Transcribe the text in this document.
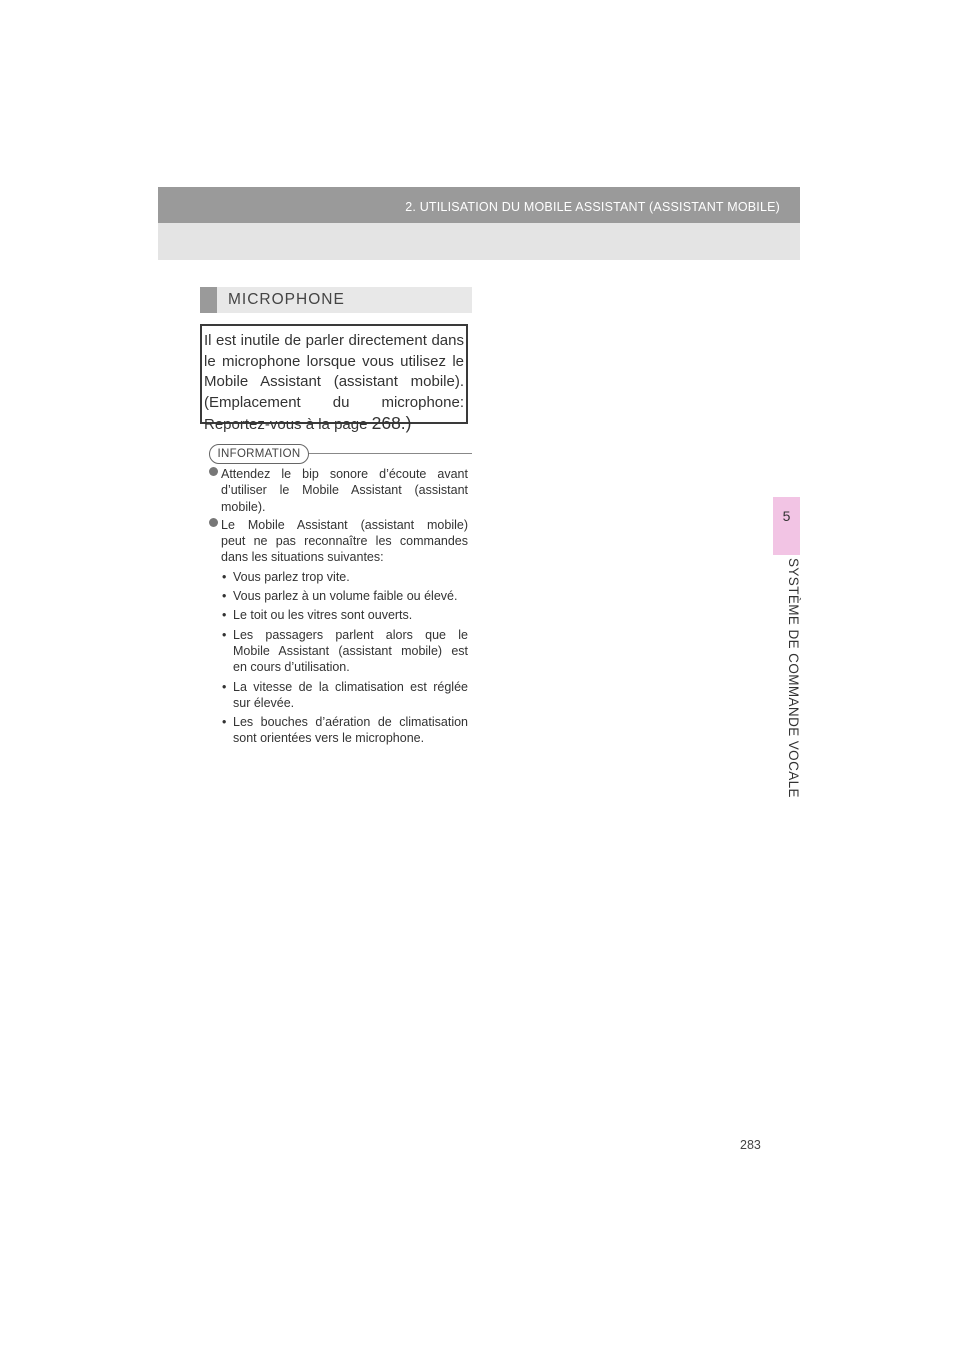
2. UTILISATION DU MOBILE ASSISTANT (ASSISTANT MOBILE)
5
SYSTÈME DE COMMANDE VOCALE
MICROPHONE
Il est inutile de parler directement dans
le microphone lorsque vous utilisez le
Mobile Assistant (assistant mobile).
(Emplacement du microphone:
Reportez-vous à la page 268.)
INFORMATION
Attendez le bip sonore d’écoute avant
d’utiliser le Mobile Assistant (assistant
mobile).
Le Mobile Assistant (assistant mobile)
peut ne pas reconnaître les commandes
dans les situations suivantes:
• Vous parlez trop vite.
• Vous parlez à un volume faible ou élevé.
• Le toit ou les vitres sont ouverts.
• Les passagers parlent alors que le
Mobile Assistant (assistant mobile) est
en cours d’utilisation.
• La vitesse de la climatisation est réglée
sur élevée.
• Les bouches d’aération de climatisation
sont orientées vers le microphone.
283
